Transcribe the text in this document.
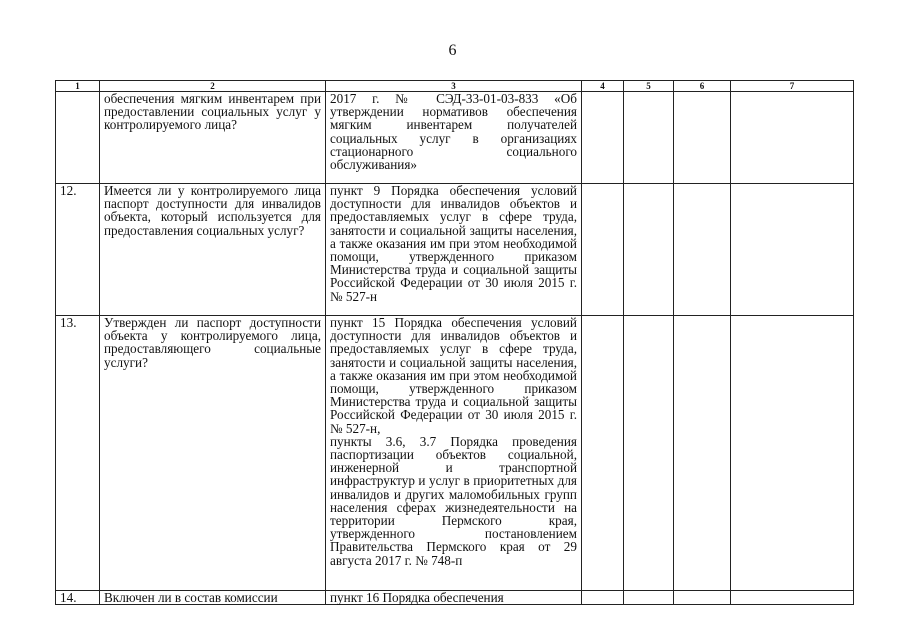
6
1	2	3	4	5	6	7
	обеспечения мягким инвентарем при предоставлении социальных услуг у контролируемого лица?	2017 г. № СЭД-33-01-03-833 «Об утверждении нормативов обеспечения мягким инвентарем получателей социальных услуг в организациях стационарного социального обслуживания»				
12.	Имеется ли у контролируемого лица паспорт доступности для инвалидов объекта, который используется для предоставления социальных услуг?	пункт 9 Порядка обеспечения условий доступности для инвалидов объектов и предоставляемых услуг в сфере труда, занятости и социальной защиты населения, а также оказания им при этом необходимой помощи, утвержденного приказом Министерства труда и социальной защиты Российской Федерации от 30 июля 2015 г. № 527-н				
13.	Утвержден ли паспорт доступности объекта у контролируемого лица, предоставляющего социальные услуги?	пункт 15 Порядка обеспечения условий доступности для инвалидов объектов и предоставляемых услуг в сфере труда, занятости и социальной защиты населения, а также оказания им при этом необходимой помощи, утвержденного приказом Министерства труда и социальной защиты Российской Федерации от 30 июля 2015 г. № 527-н,
пункты 3.6, 3.7 Порядка проведения паспортизации объектов социальной, инженерной и транспортной инфраструктур и услуг в приоритетных для инвалидов и других маломобильных групп населения сферах жизнедеятельности на территории Пермского края, утвержденного постановлением Правительства Пермского края от 29 августа 2017 г. № 748-п				

14.	Включен ли в состав комиссии	пункт 16 Порядка обеспечения				
